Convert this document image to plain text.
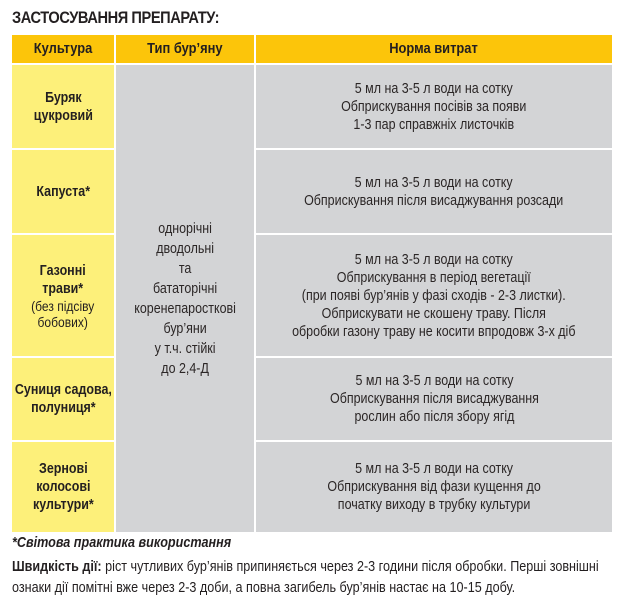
ЗАСТОСУВАННЯ ПРЕПАРАТУ:
Культура	Тип бур’яну	Норма витрат
однорічні
дводольні
та
бататорічні
коренепаросткові
бур’яни
у т.ч. стійкі
до 2,4-Д
Буряк
цукровий
5 мл на 3-5 л води на сотку
Обприскування посівів за появи
1-3 пар справжніх листочків
Капуста*
5 мл на 3-5 л води на сотку
Обприскування після висаджування розсади
Газонні
трави*
(без підсіву
бобових)
5 мл на 3-5 л води на сотку
Обприскування в період вегетації
(при появі бур’янів у фазі сходів - 2-3 листки).
Обприскувати не скошену траву. Після
обробки газону траву не косити впродовж 3-х діб
Суниця садова,
полуниця*
5 мл на 3-5 л води на сотку
Обприскування після висаджування
рослин або після збору ягід
Зернові
колосові
культури*
5 мл на 3-5 л води на сотку
Обприскування від фази кущення до
початку виходу в трубку культури
*Світова практика використання
Швидкість дії: ріст чутливих бур’янів припиняється через 2-3 години після обробки. Перші зовнішні
ознаки дії помітні вже через 2-3 доби, а повна загибель бур’янів настає на 10-15 добу.
